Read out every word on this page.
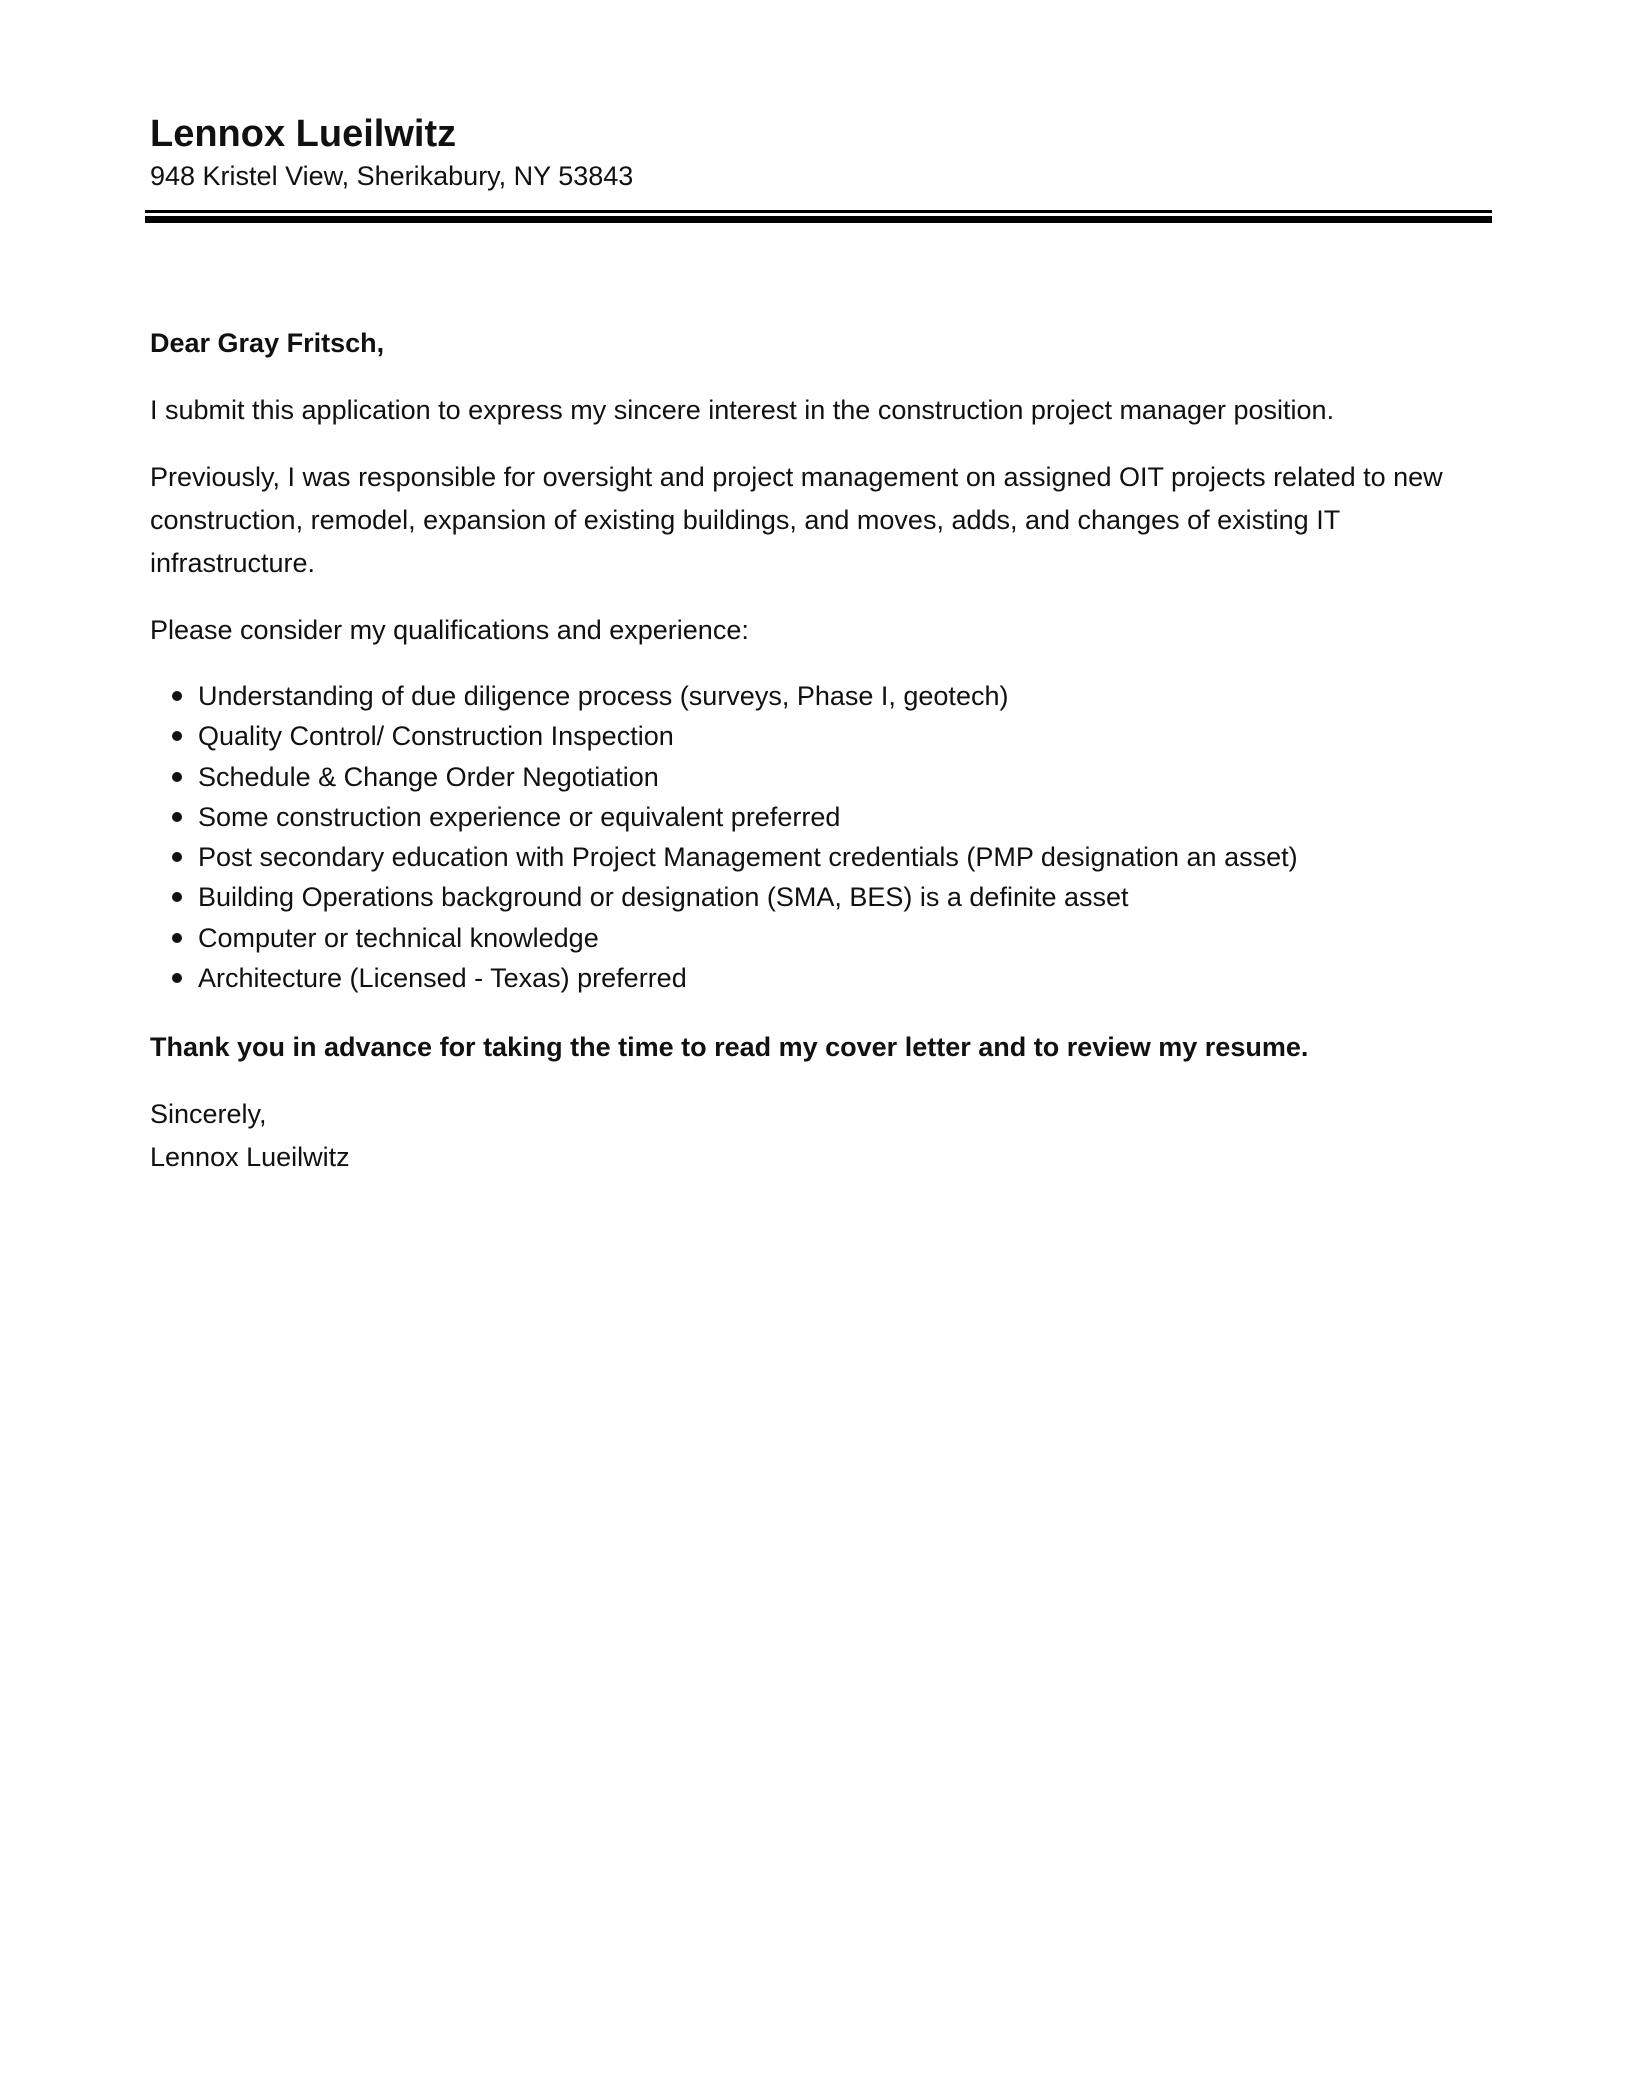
Lennox Lueilwitz

948 Kristel View, Sherikabury, NY 53843

Dear Gray Fritsch,

I submit this application to express my sincere interest in the construction project manager position.

Previously, I was responsible for oversight and project management on assigned OIT projects related to new construction, remodel, expansion of existing buildings, and moves, adds, and changes of existing IT infrastructure.

Please consider my qualifications and experience:

Understanding of due diligence process (surveys, Phase I, geotech)
Quality Control/ Construction Inspection
Schedule & Change Order Negotiation
Some construction experience or equivalent preferred
Post secondary education with Project Management credentials (PMP designation an asset)
Building Operations background or designation (SMA, BES) is a definite asset
Computer or technical knowledge
Architecture (Licensed - Texas) preferred

Thank you in advance for taking the time to read my cover letter and to review my resume.

Sincerely,

Lennox Lueilwitz
